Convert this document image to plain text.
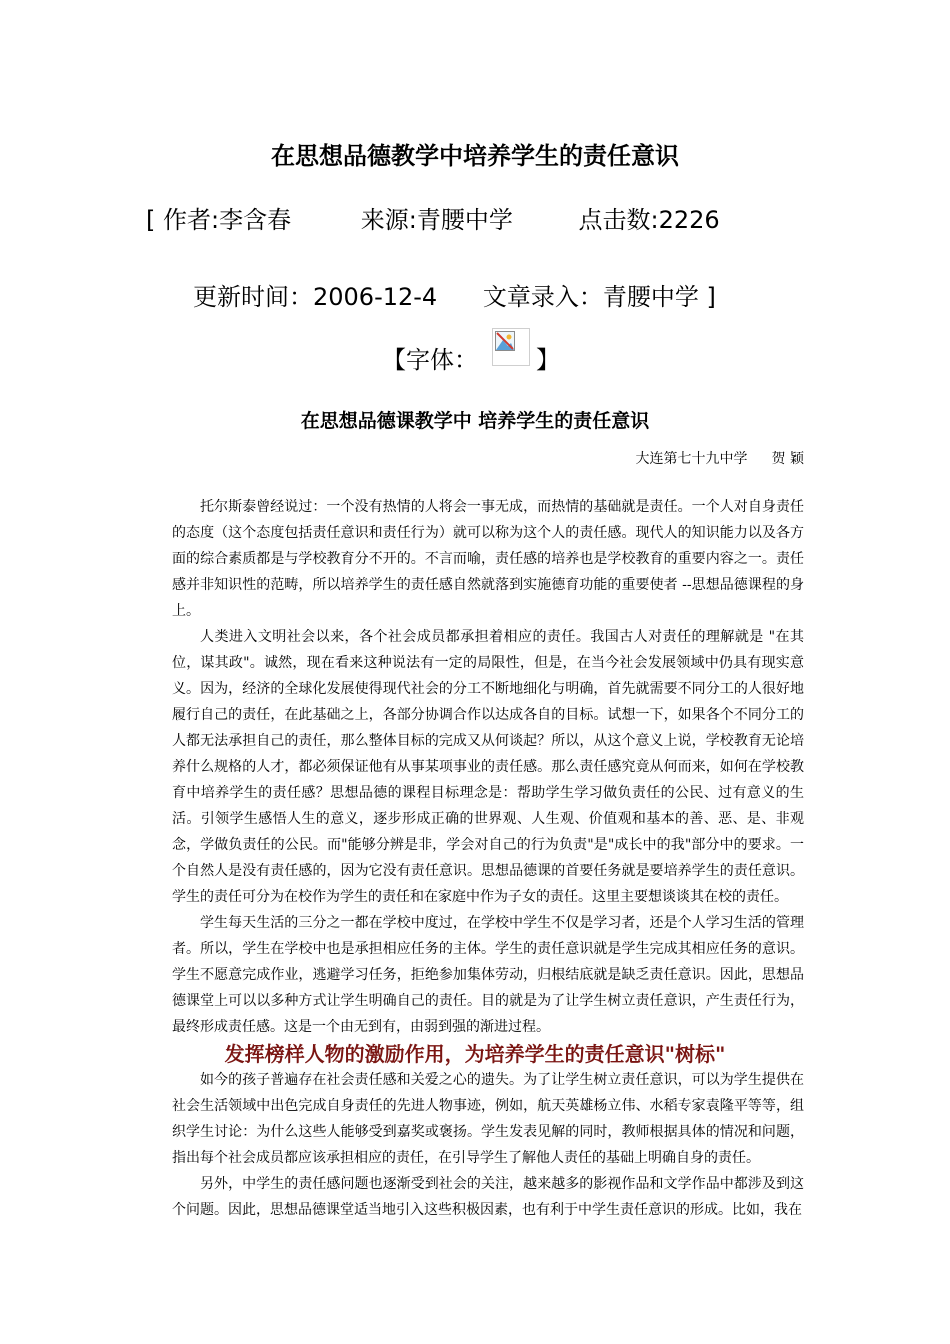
在思想品德教学中培养学生的责任意识
[ 作者:李含春	来源:青腰中学	点击数:2226
更新时间：2006-12-4 文章录入：青腰中学 ]
【字体： 】
在思想品德课教学中 培养学生的责任意识
大连第七十九中学 贺 颖

托尔斯泰曾经说过：一个没有热情的人将会一事无成，而热情的基础就是责任。一个人对自身责任的态度（这个态度包括责任意识和责任行为）就可以称为这个人的责任感。现代人的知识能力以及各方面的综合素质都是与学校教育分不开的。不言而喻，责任感的培养也是学校教育的重要内容之一。责任感并非知识性的范畴，所以培养学生的责任感自然就落到实施德育功能的重要使者 --思想品德课程的身上。

人类进入文明社会以来，各个社会成员都承担着相应的责任。我国古人对责任的理解就是 "在其位，谋其政"。诚然，现在看来这种说法有一定的局限性，但是，在当今社会发展领域中仍具有现实意义。因为，经济的全球化发展使得现代社会的分工不断地细化与明确，首先就需要不同分工的人很好地履行自己的责任，在此基础之上，各部分协调合作以达成各自的目标。试想一下，如果各个不同分工的人都无法承担自己的责任，那么整体目标的完成又从何谈起？所以，从这个意义上说，学校教育无论培养什么规格的人才，都必须保证他有从事某项事业的责任感。那么责任感究竟从何而来，如何在学校教育中培养学生的责任感？思想品德的课程目标理念是：帮助学生学习做负责任的公民、过有意义的生活。引领学生感悟人生的意义，逐步形成正确的世界观、人生观、价值观和基本的善、恶、是、非观念，学做负责任的公民。而"能够分辨是非，学会对自己的行为负责"是"成长中的我"部分中的要求。一个自然人是没有责任感的，因为它没有责任意识。思想品德课的首要任务就是要培养学生的责任意识。学生的责任可分为在校作为学生的责任和在家庭中作为子女的责任。这里主要想谈谈其在校的责任。

学生每天生活的三分之一都在学校中度过，在学校中学生不仅是学习者，还是个人学习生活的管理者。所以，学生在学校中也是承担相应任务的主体。学生的责任意识就是学生完成其相应任务的意识。学生不愿意完成作业，逃避学习任务，拒绝参加集体劳动，归根结底就是缺乏责任意识。因此，思想品德课堂上可以以多种方式让学生明确自己的责任。目的就是为了让学生树立责任意识，产生责任行为，最终形成责任感。这是一个由无到有，由弱到强的渐进过程。

发挥榜样人物的激励作用，为培养学生的责任意识"树标"

如今的孩子普遍存在社会责任感和关爱之心的遗失。为了让学生树立责任意识，可以为学生提供在社会生活领域中出色完成自身责任的先进人物事迹，例如，航天英雄杨立伟、水稻专家袁隆平等等，组织学生讨论：为什么这些人能够受到嘉奖或褒扬。学生发表见解的同时，教师根据具体的情况和问题，指出每个社会成员都应该承担相应的责任，在引导学生了解他人责任的基础上明确自身的责任。

另外，中学生的责任感问题也逐渐受到社会的关注，越来越多的影视作品和文学作品中都涉及到这个问题。因此，思想品德课堂适当地引入这些积极因素，也有利于中学生责任意识的形成。比如，我在
